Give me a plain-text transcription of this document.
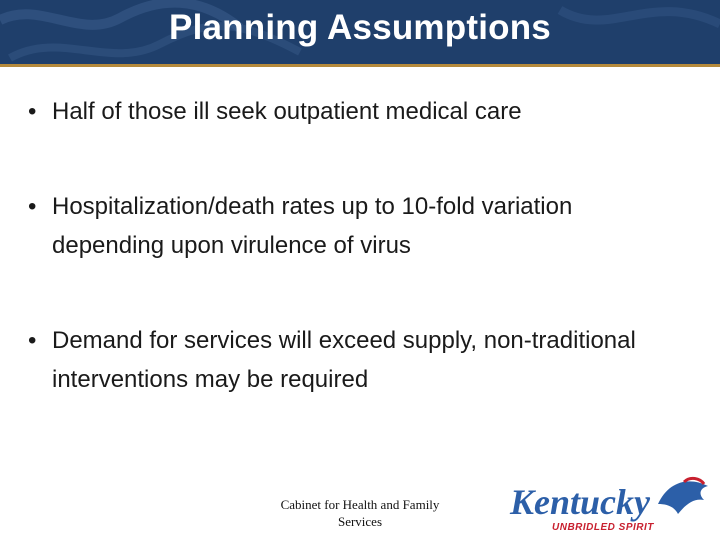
Planning Assumptions
• Half of those ill seek outpatient medical care
• Hospitalization/death rates up to 10-fold variation depending upon virulence of virus
• Demand for services will exceed supply, non-traditional interventions may be required
Cabinet for Health and Family
Services	Kentucky
UNBRIDLED SPIRIT
